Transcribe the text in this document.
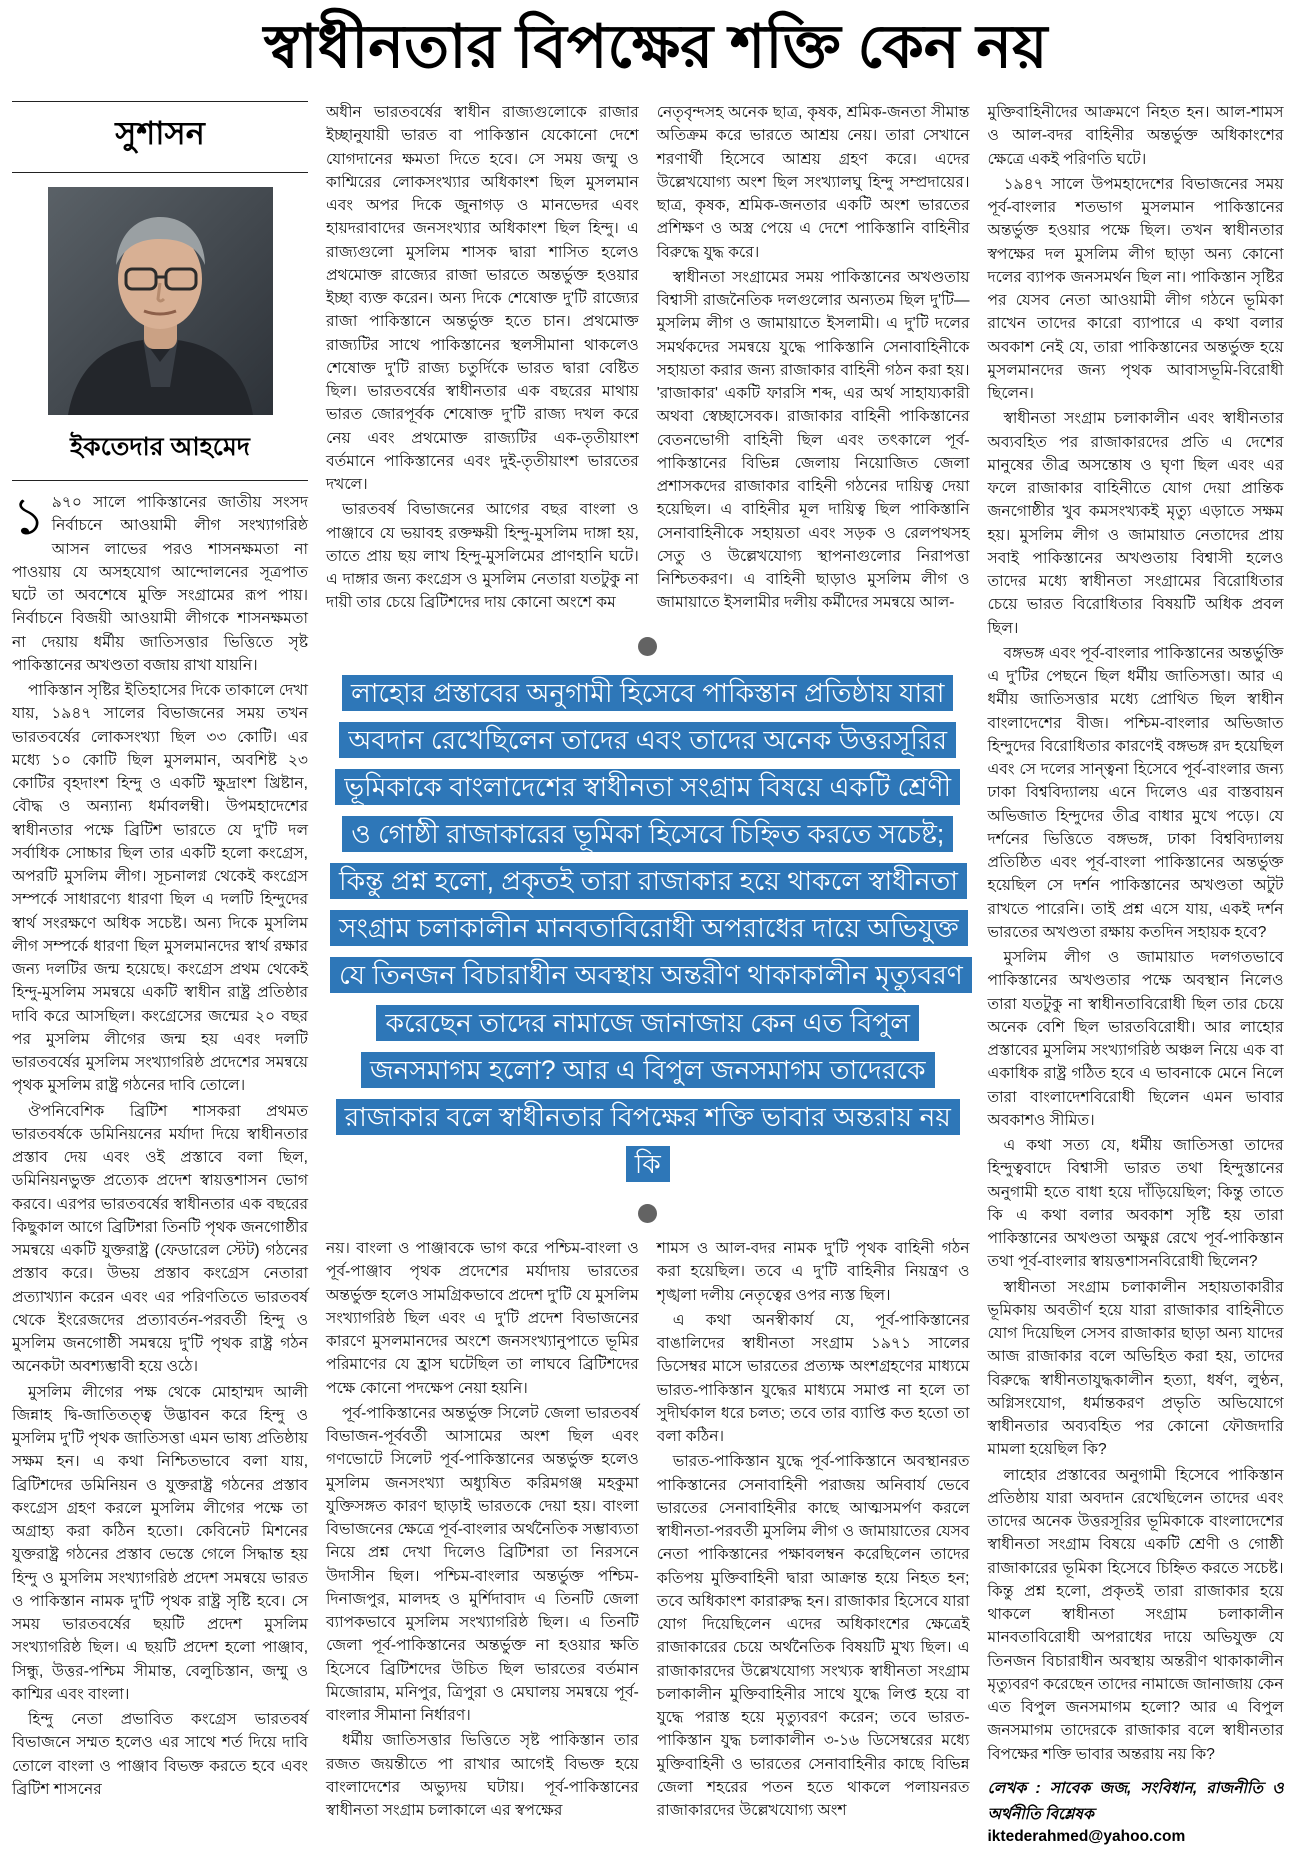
স্বাধীনতার বিপক্ষের শক্তি কেন নয়
সুশাসন
ইকতেদার আহমেদ

১৯৭০ সালে পাকিস্তানের জাতীয় সংসদ নির্বাচনে আওয়ামী লীগ সংখ্যাগরিষ্ঠ আসন লাভের পরও শাসনক্ষমতা না পাওয়ায় যে অসহযোগ আন্দোলনের সূত্রপাত ঘটে তা অবশেষে মুক্তি সংগ্রামের রূপ পায়। নির্বাচনে বিজয়ী আওয়ামী লীগকে শাসনক্ষমতা না দেয়ায় ধর্মীয় জাতিসত্তার ভিত্তিতে সৃষ্ট পাকিস্তানের অখণ্ডতা বজায় রাখা যায়নি।

পাকিস্তান সৃষ্টির ইতিহাসের দিকে তাকালে দেখা যায়, ১৯৪৭ সালের বিভাজনের সময় তখন ভারতবর্ষের লোকসংখ্যা ছিল ৩৩ কোটি। এর মধ্যে ১০ কোটি ছিল মুসলমান, অবশিষ্ট ২৩ কোটির বৃহদাংশ হিন্দু ও একটি ক্ষুদ্রাংশ খ্রিষ্টান, বৌদ্ধ ও অন্যান্য ধর্মাবলম্বী। উপমহাদেশের স্বাধীনতার পক্ষে ব্রিটিশ ভারতে যে দু'টি দল সর্বাধিক সোচ্চার ছিল তার একটি হলো কংগ্রেস, অপরটি মুসলিম লীগ। সূচনালগ্ন থেকেই কংগ্রেস সম্পর্কে সাধারণ্যে ধারণা ছিল এ দলটি হিন্দুদের স্বার্থ সংরক্ষণে অধিক সচেষ্ট। অন্য দিকে মুসলিম লীগ সম্পর্কে ধারণা ছিল মুসলমানদের স্বার্থ রক্ষার জন্য দলটির জন্ম হয়েছে। কংগ্রেস প্রথম থেকেই হিন্দু-মুসলিম সমন্বয়ে একটি স্বাধীন রাষ্ট্র প্রতিষ্ঠার দাবি করে আসছিল। কংগ্রেসের জন্মের ২০ বছর পর মুসলিম লীগের জন্ম হয় এবং দলটি ভারতবর্ষের মুসলিম সংখ্যাগরিষ্ঠ প্রদেশের সমন্বয়ে পৃথক মুসলিম রাষ্ট্র গঠনের দাবি তোলে।

ঔপনিবেশিক ব্রিটিশ শাসকরা প্রথমত ভারতবর্ষকে ডমিনিয়নের মর্যাদা দিয়ে স্বাধীনতার প্রস্তাব দেয় এবং ওই প্রস্তাবে বলা ছিল, ডমিনিয়নভুক্ত প্রত্যেক প্রদেশ স্বায়ত্তশাসন ভোগ করবে। এরপর ভারতবর্ষের স্বাধীনতার এক বছরের কিছুকাল আগে ব্রিটিশরা তিনটি পৃথক জনগোষ্ঠীর সমন্বয়ে একটি যুক্তরাষ্ট্র (ফেডারেল স্টেট) গঠনের প্রস্তাব করে। উভয় প্রস্তাব কংগ্রেস নেতারা প্রত্যাখ্যান করেন এবং এর পরিণতিতে ভারতবর্ষ থেকে ইংরেজদের প্রত্যাবর্তন-পরবর্তী হিন্দু ও মুসলিম জনগোষ্ঠী সমন্বয়ে দু'টি পৃথক রাষ্ট্র গঠন অনেকটা অবশ্যম্ভাবী হয়ে ওঠে।

মুসলিম লীগের পক্ষ থেকে মোহাম্মদ আলী জিন্নাহ দ্বি-জাতিতত্ত্ব উদ্ভাবন করে হিন্দু ও মুসলিম দু'টি পৃথক জাতিসত্তা এমন ভাষ্য প্রতিষ্ঠায় সক্ষম হন। এ কথা নিশ্চিতভাবে বলা যায়, ব্রিটিশদের ডমিনিয়ন ও যুক্তরাষ্ট্র গঠনের প্রস্তাব কংগ্রেস গ্রহণ করলে মুসলিম লীগের পক্ষে তা অগ্রাহ্য করা কঠিন হতো। কেবিনেট মিশনের যুক্তরাষ্ট্র গঠনের প্রস্তাব ভেস্তে গেলে সিদ্ধান্ত হয় হিন্দু ও মুসলিম সংখ্যাগরিষ্ঠ প্রদেশ সমন্বয়ে ভারত ও পাকিস্তান নামক দু'টি পৃথক রাষ্ট্র সৃষ্টি হবে। সে সময় ভারতবর্ষের ছয়টি প্রদেশ মুসলিম সংখ্যাগরিষ্ঠ ছিল। এ ছয়টি প্রদেশ হলো পাঞ্জাব, সিন্ধু, উত্তর-পশ্চিম সীমান্ত, বেলুচিস্তান, জম্মু ও কাশ্মির এবং বাংলা।

হিন্দু নেতা প্রভাবিত কংগ্রেস ভারতবর্ষ বিভাজনে সম্মত হলেও এর সাথে শর্ত দিয়ে দাবি তোলে বাংলা ও পাঞ্জাব বিভক্ত করতে হবে এবং ব্রিটিশ শাসনের

অধীন ভারতবর্ষের স্বাধীন রাজ্যগুলোকে রাজার ইচ্ছানুযায়ী ভারত বা পাকিস্তান যেকোনো দেশে যোগদানের ক্ষমতা দিতে হবে। সে সময় জম্মু ও কাশ্মিরের লোকসংখ্যার অধিকাংশ ছিল মুসলমান এবং অপর দিকে জুনাগড় ও মানভেদর এবং হায়দরাবাদের জনসংখ্যার অধিকাংশ ছিল হিন্দু। এ রাজ্যগুলো মুসলিম শাসক দ্বারা শাসিত হলেও প্রথমোক্ত রাজ্যের রাজা ভারতে অন্তর্ভুক্ত হওয়ার ইচ্ছা ব্যক্ত করেন। অন্য দিকে শেষোক্ত দু'টি রাজ্যের রাজা পাকিস্তানে অন্তর্ভুক্ত হতে চান। প্রথমোক্ত রাজ্যটির সাথে পাকিস্তানের স্থলসীমানা থাকলেও শেষোক্ত দু'টি রাজ্য চতুর্দিকে ভারত দ্বারা বেষ্টিত ছিল। ভারতবর্ষের স্বাধীনতার এক বছরের মাথায় ভারত জোরপূর্বক শেষোক্ত দু'টি রাজ্য দখল করে নেয় এবং প্রথমোক্ত রাজ্যটির এক-তৃতীয়াংশ বর্তমানে পাকিস্তানের এবং দুই-তৃতীয়াংশ ভারতের দখলে।

ভারতবর্ষ বিভাজনের আগের বছর বাংলা ও পাঞ্জাবে যে ভয়াবহ রক্তক্ষয়ী হিন্দু-মুসলিম দাঙ্গা হয়, তাতে প্রায় ছয় লাখ হিন্দু-মুসলিমের প্রাণহানি ঘটে। এ দাঙ্গার জন্য কংগ্রেস ও মুসলিম নেতারা যতটুকু না দায়ী তার চেয়ে ব্রিটিশদের দায় কোনো অংশে কম

নেতৃবৃন্দসহ অনেক ছাত্র, কৃষক, শ্রমিক-জনতা সীমান্ত অতিক্রম করে ভারতে আশ্রয় নেয়। তারা সেখানে শরণার্থী হিসেবে আশ্রয় গ্রহণ করে। এদের উল্লেখযোগ্য অংশ ছিল সংখ্যালঘু হিন্দু সম্প্রদায়ের। ছাত্র, কৃষক, শ্রমিক-জনতার একটি অংশ ভারতের প্রশিক্ষণ ও অস্ত্র পেয়ে এ দেশে পাকিস্তানি বাহিনীর বিরুদ্ধে যুদ্ধ করে।

স্বাধীনতা সংগ্রামের সময় পাকিস্তানের অখণ্ডতায় বিশ্বাসী রাজনৈতিক দলগুলোর অন্যতম ছিল দু'টি— মুসলিম লীগ ও জামায়াতে ইসলামী। এ দু'টি দলের সমর্থকদের সমন্বয়ে যুদ্ধে পাকিস্তানি সেনাবাহিনীকে সহায়তা করার জন্য রাজাকার বাহিনী গঠন করা হয়। 'রাজাকার' একটি ফারসি শব্দ, এর অর্থ সাহায্যকারী অথবা স্বেচ্ছাসেবক। রাজাকার বাহিনী পাকিস্তানের বেতনভোগী বাহিনী ছিল এবং তৎকালে পূর্ব-পাকিস্তানের বিভিন্ন জেলায় নিয়োজিত জেলা প্রশাসকদের রাজাকার বাহিনী গঠনের দায়িত্ব দেয়া হয়েছিল। এ বাহিনীর মূল দায়িত্ব ছিল পাকিস্তানি সেনাবাহিনীকে সহায়তা এবং সড়ক ও রেলপথসহ সেতু ও উল্লেখযোগ্য স্থাপনাগুলোর নিরাপত্তা নিশ্চিতকরণ। এ বাহিনী ছাড়াও মুসলিম লীগ ও জামায়াতে ইসলামীর দলীয় কর্মীদের সমন্বয়ে আল-

লাহোর প্রস্তাবের অনুগামী হিসেবে পাকিস্তান প্রতিষ্ঠায় যারা অবদান রেখেছিলেন তাদের এবং তাদের অনেক উত্তরসূরির ভূমিকাকে বাংলাদেশের স্বাধীনতা সংগ্রাম বিষয়ে একটি শ্রেণী ও গোষ্ঠী রাজাকারের ভূমিকা হিসেবে চিহ্নিত করতে সচেষ্ট; কিন্তু প্রশ্ন হলো, প্রকৃতই তারা রাজাকার হয়ে থাকলে স্বাধীনতা সংগ্রাম চলাকালীন মানবতাবিরোধী অপরাধের দায়ে অভিযুক্ত যে তিনজন বিচারাধীন অবস্থায় অন্তরীণ থাকাকালীন মৃত্যুবরণ করেছেন তাদের নামাজে জানাজায় কেন এত বিপুল জনসমাগম হলো? আর এ বিপুল জনসমাগম তাদেরকে রাজাকার বলে স্বাধীনতার বিপক্ষের শক্তি ভাবার অন্তরায় নয় কি

নয়। বাংলা ও পাঞ্জাবকে ভাগ করে পশ্চিম-বাংলা ও পূর্ব-পাঞ্জাব পৃথক প্রদেশের মর্যাদায় ভারতের অন্তর্ভুক্ত হলেও সামগ্রিকভাবে প্রদেশ দু'টি যে মুসলিম সংখ্যাগরিষ্ঠ ছিল এবং এ দু'টি প্রদেশ বিভাজনের কারণে মুসলমানদের অংশে জনসংখ্যানুপাতে ভূমির পরিমাণের যে হ্রাস ঘটেছিল তা লাঘবে ব্রিটিশদের পক্ষে কোনো পদক্ষেপ নেয়া হয়নি।

পূর্ব-পাকিস্তানের অন্তর্ভুক্ত সিলেট জেলা ভারতবর্ষ বিভাজন-পূর্ববর্তী আসামের অংশ ছিল এবং গণভোটে সিলেট পূর্ব-পাকিস্তানের অন্তর্ভুক্ত হলেও মুসলিম জনসংখ্যা অধ্যুষিত করিমগঞ্জ মহকুমা যুক্তিসঙ্গত কারণ ছাড়াই ভারতকে দেয়া হয়। বাংলা বিভাজনের ক্ষেত্রে পূর্ব-বাংলার অর্থনৈতিক সম্ভাব্যতা নিয়ে প্রশ্ন দেখা দিলেও ব্রিটিশরা তা নিরসনে উদাসীন ছিল। পশ্চিম-বাংলার অন্তর্ভুক্ত পশ্চিম-দিনাজপুর, মালদহ ও মুর্শিদাবাদ এ তিনটি জেলা ব্যাপকভাবে মুসলিম সংখ্যাগরিষ্ঠ ছিল। এ তিনটি জেলা পূর্ব-পাকিস্তানের অন্তর্ভুক্ত না হওয়ার ক্ষতি হিসেবে ব্রিটিশদের উচিত ছিল ভারতের বর্তমান মিজোরাম, মনিপুর, ত্রিপুরা ও মেঘালয় সমন্বয়ে পূর্ব-বাংলার সীমানা নির্ধারণ।

ধর্মীয় জাতিসত্তার ভিত্তিতে সৃষ্ট পাকিস্তান তার রজত জয়ন্তীতে পা রাখার আগেই বিভক্ত হয়ে বাংলাদেশের অভ্যুদয় ঘটায়। পূর্ব-পাকিস্তানের স্বাধীনতা সংগ্রাম চলাকালে এর স্বপক্ষের

শামস ও আল-বদর নামক দু'টি পৃথক বাহিনী গঠন করা হয়েছিল। তবে এ দু'টি বাহিনীর নিয়ন্ত্রণ ও শৃঙ্খলা দলীয় নেতৃত্বের ওপর ন্যস্ত ছিল।

এ কথা অনস্বীকার্য যে, পূর্ব-পাকিস্তানের বাঙালিদের স্বাধীনতা সংগ্রাম ১৯৭১ সালের ডিসেম্বর মাসে ভারতের প্রত্যক্ষ অংশগ্রহণের মাধ্যমে ভারত-পাকিস্তান যুদ্ধের মাধ্যমে সমাপ্ত না হলে তা সুদীর্ঘকাল ধরে চলত; তবে তার ব্যাপ্তি কত হতো তা বলা কঠিন।

ভারত-পাকিস্তান যুদ্ধে পূর্ব-পাকিস্তানে অবস্থানরত পাকিস্তানের সেনাবাহিনী পরাজয় অনিবার্য ভেবে ভারতের সেনাবাহিনীর কাছে আত্মসমর্পণ করলে স্বাধীনতা-পরবর্তী মুসলিম লীগ ও জামায়াতের যেসব নেতা পাকিস্তানের পক্ষাবলম্বন করেছিলেন তাদের কতিপয় মুক্তিবাহিনী দ্বারা আক্রান্ত হয়ে নিহত হন; তবে অধিকাংশ কারারুদ্ধ হন। রাজাকার হিসেবে যারা যোগ দিয়েছিলেন এদের অধিকাংশের ক্ষেত্রেই রাজাকারের চেয়ে অর্থনৈতিক বিষয়টি মুখ্য ছিল। এ রাজাকারদের উল্লেখযোগ্য সংখ্যক স্বাধীনতা সংগ্রাম চলাকালীন মুক্তিবাহিনীর সাথে যুদ্ধে লিপ্ত হয়ে বা যুদ্ধে পরাস্ত হয়ে মৃত্যুবরণ করেন; তবে ভারত-পাকিস্তান যুদ্ধ চলাকালীন ৩-১৬ ডিসেম্বরের মধ্যে মুক্তিবাহিনী ও ভারতের সেনাবাহিনীর কাছে বিভিন্ন জেলা শহরের পতন হতে থাকলে পলায়নরত রাজাকারদের উল্লেখযোগ্য অংশ

মুক্তিবাহিনীদের আক্রমণে নিহত হন। আল-শামস ও আল-বদর বাহিনীর অন্তর্ভুক্ত অধিকাংশের ক্ষেত্রে একই পরিণতি ঘটে।

১৯৪৭ সালে উপমহাদেশের বিভাজনের সময় পূর্ব-বাংলার শতভাগ মুসলমান পাকিস্তানের অন্তর্ভুক্ত হওয়ার পক্ষে ছিল। তখন স্বাধীনতার স্বপক্ষের দল মুসলিম লীগ ছাড়া অন্য কোনো দলের ব্যাপক জনসমর্থন ছিল না। পাকিস্তান সৃষ্টির পর যেসব নেতা আওয়ামী লীগ গঠনে ভূমিকা রাখেন তাদের কারো ব্যাপারে এ কথা বলার অবকাশ নেই যে, তারা পাকিস্তানের অন্তর্ভুক্ত হয়ে মুসলমানদের জন্য পৃথক আবাসভূমি-বিরোধী ছিলেন।

স্বাধীনতা সংগ্রাম চলাকালীন এবং স্বাধীনতার অব্যবহিত পর রাজাকারদের প্রতি এ দেশের মানুষের তীব্র অসন্তোষ ও ঘৃণা ছিল এবং এর ফলে রাজাকার বাহিনীতে যোগ দেয়া প্রান্তিক জনগোষ্ঠীর খুব কমসংখ্যকই মৃত্যু এড়াতে সক্ষম হয়। মুসলিম লীগ ও জামায়াত নেতাদের প্রায় সবাই পাকিস্তানের অখণ্ডতায় বিশ্বাসী হলেও তাদের মধ্যে স্বাধীনতা সংগ্রামের বিরোধিতার চেয়ে ভারত বিরোধিতার বিষয়টি অধিক প্রবল ছিল।

বঙ্গভঙ্গ এবং পূর্ব-বাংলার পাকিস্তানের অন্তর্ভুক্তি এ দু'টির পেছনে ছিল ধর্মীয় জাতিসত্তা। আর এ ধর্মীয় জাতিসত্তার মধ্যে প্রোথিত ছিল স্বাধীন বাংলাদেশের বীজ। পশ্চিম-বাংলার অভিজাত হিন্দুদের বিরোধিতার কারণেই বঙ্গভঙ্গ রদ হয়েছিল এবং সে দলের সান্ত্বনা হিসেবে পূর্ব-বাংলার জন্য ঢাকা বিশ্ববিদ্যালয় এনে দিলেও এর বাস্তবায়ন অভিজাত হিন্দুদের তীব্র বাধার মুখে পড়ে। যে দর্শনের ভিত্তিতে বঙ্গভঙ্গ, ঢাকা বিশ্ববিদ্যালয় প্রতিষ্ঠিত এবং পূর্ব-বাংলা পাকিস্তানের অন্তর্ভুক্ত হয়েছিল সে দর্শন পাকিস্তানের অখণ্ডতা অটুট রাখতে পারেনি। তাই প্রশ্ন এসে যায়, একই দর্শন ভারতের অখণ্ডতা রক্ষায় কতদিন সহায়ক হবে?

মুসলিম লীগ ও জামায়াত দলগতভাবে পাকিস্তানের অখণ্ডতার পক্ষে অবস্থান নিলেও তারা যতটুকু না স্বাধীনতাবিরোধী ছিল তার চেয়ে অনেক বেশি ছিল ভারতবিরোধী। আর লাহোর প্রস্তাবের মুসলিম সংখ্যাগরিষ্ঠ অঞ্চল নিয়ে এক বা একাধিক রাষ্ট্র গঠিত হবে এ ভাবনাকে মেনে নিলে তারা বাংলাদেশবিরোধী ছিলেন এমন ভাবার অবকাশও সীমিত।

এ কথা সত্য যে, ধর্মীয় জাতিসত্তা তাদের হিন্দুত্ববাদে বিশ্বাসী ভারত তথা হিন্দুস্তানের অনুগামী হতে বাধা হয়ে দাঁড়িয়েছিল; কিন্তু তাতে কি এ কথা বলার অবকাশ সৃষ্টি হয় তারা পাকিস্তানের অখণ্ডতা অক্ষুণ্ণ রেখে পূর্ব-পাকিস্তান তথা পূর্ব-বাংলার স্বায়ত্তশাসনবিরোধী ছিলেন?

স্বাধীনতা সংগ্রাম চলাকালীন সহায়তাকারীর ভূমিকায় অবতীর্ণ হয়ে যারা রাজাকার বাহিনীতে যোগ দিয়েছিল সেসব রাজাকার ছাড়া অন্য যাদের আজ রাজাকার বলে অভিহিত করা হয়, তাদের বিরুদ্ধে স্বাধীনতাযুদ্ধকালীন হত্যা, ধর্ষণ, লুণ্ঠন, অগ্নিসংযোগ, ধর্মান্তকরণ প্রভৃতি অভিযোগে স্বাধীনতার অব্যবহিত পর কোনো ফৌজদারি মামলা হয়েছিল কি?

লাহোর প্রস্তাবের অনুগামী হিসেবে পাকিস্তান প্রতিষ্ঠায় যারা অবদান রেখেছিলেন তাদের এবং তাদের অনেক উত্তরসূরির ভূমিকাকে বাংলাদেশের স্বাধীনতা সংগ্রাম বিষয়ে একটি শ্রেণী ও গোষ্ঠী রাজাকারের ভূমিকা হিসেবে চিহ্নিত করতে সচেষ্ট। কিন্তু প্রশ্ন হলো, প্রকৃতই তারা রাজাকার হয়ে থাকলে স্বাধীনতা সংগ্রাম চলাকালীন মানবতাবিরোধী অপরাধের দায়ে অভিযুক্ত যে তিনজন বিচারাধীন অবস্থায় অন্তরীণ থাকাকালীন মৃত্যুবরণ করেছেন তাদের নামাজে জানাজায় কেন এত বিপুল জনসমাগম হলো? আর এ বিপুল জনসমাগম তাদেরকে রাজাকার বলে স্বাধীনতার বিপক্ষের শক্তি ভাবার অন্তরায় নয় কি?

লেখক : সাবেক জজ, সংবিধান, রাজনীতি ও অর্থনীতি বিশ্লেষক
iktederahmed@yahoo.com
